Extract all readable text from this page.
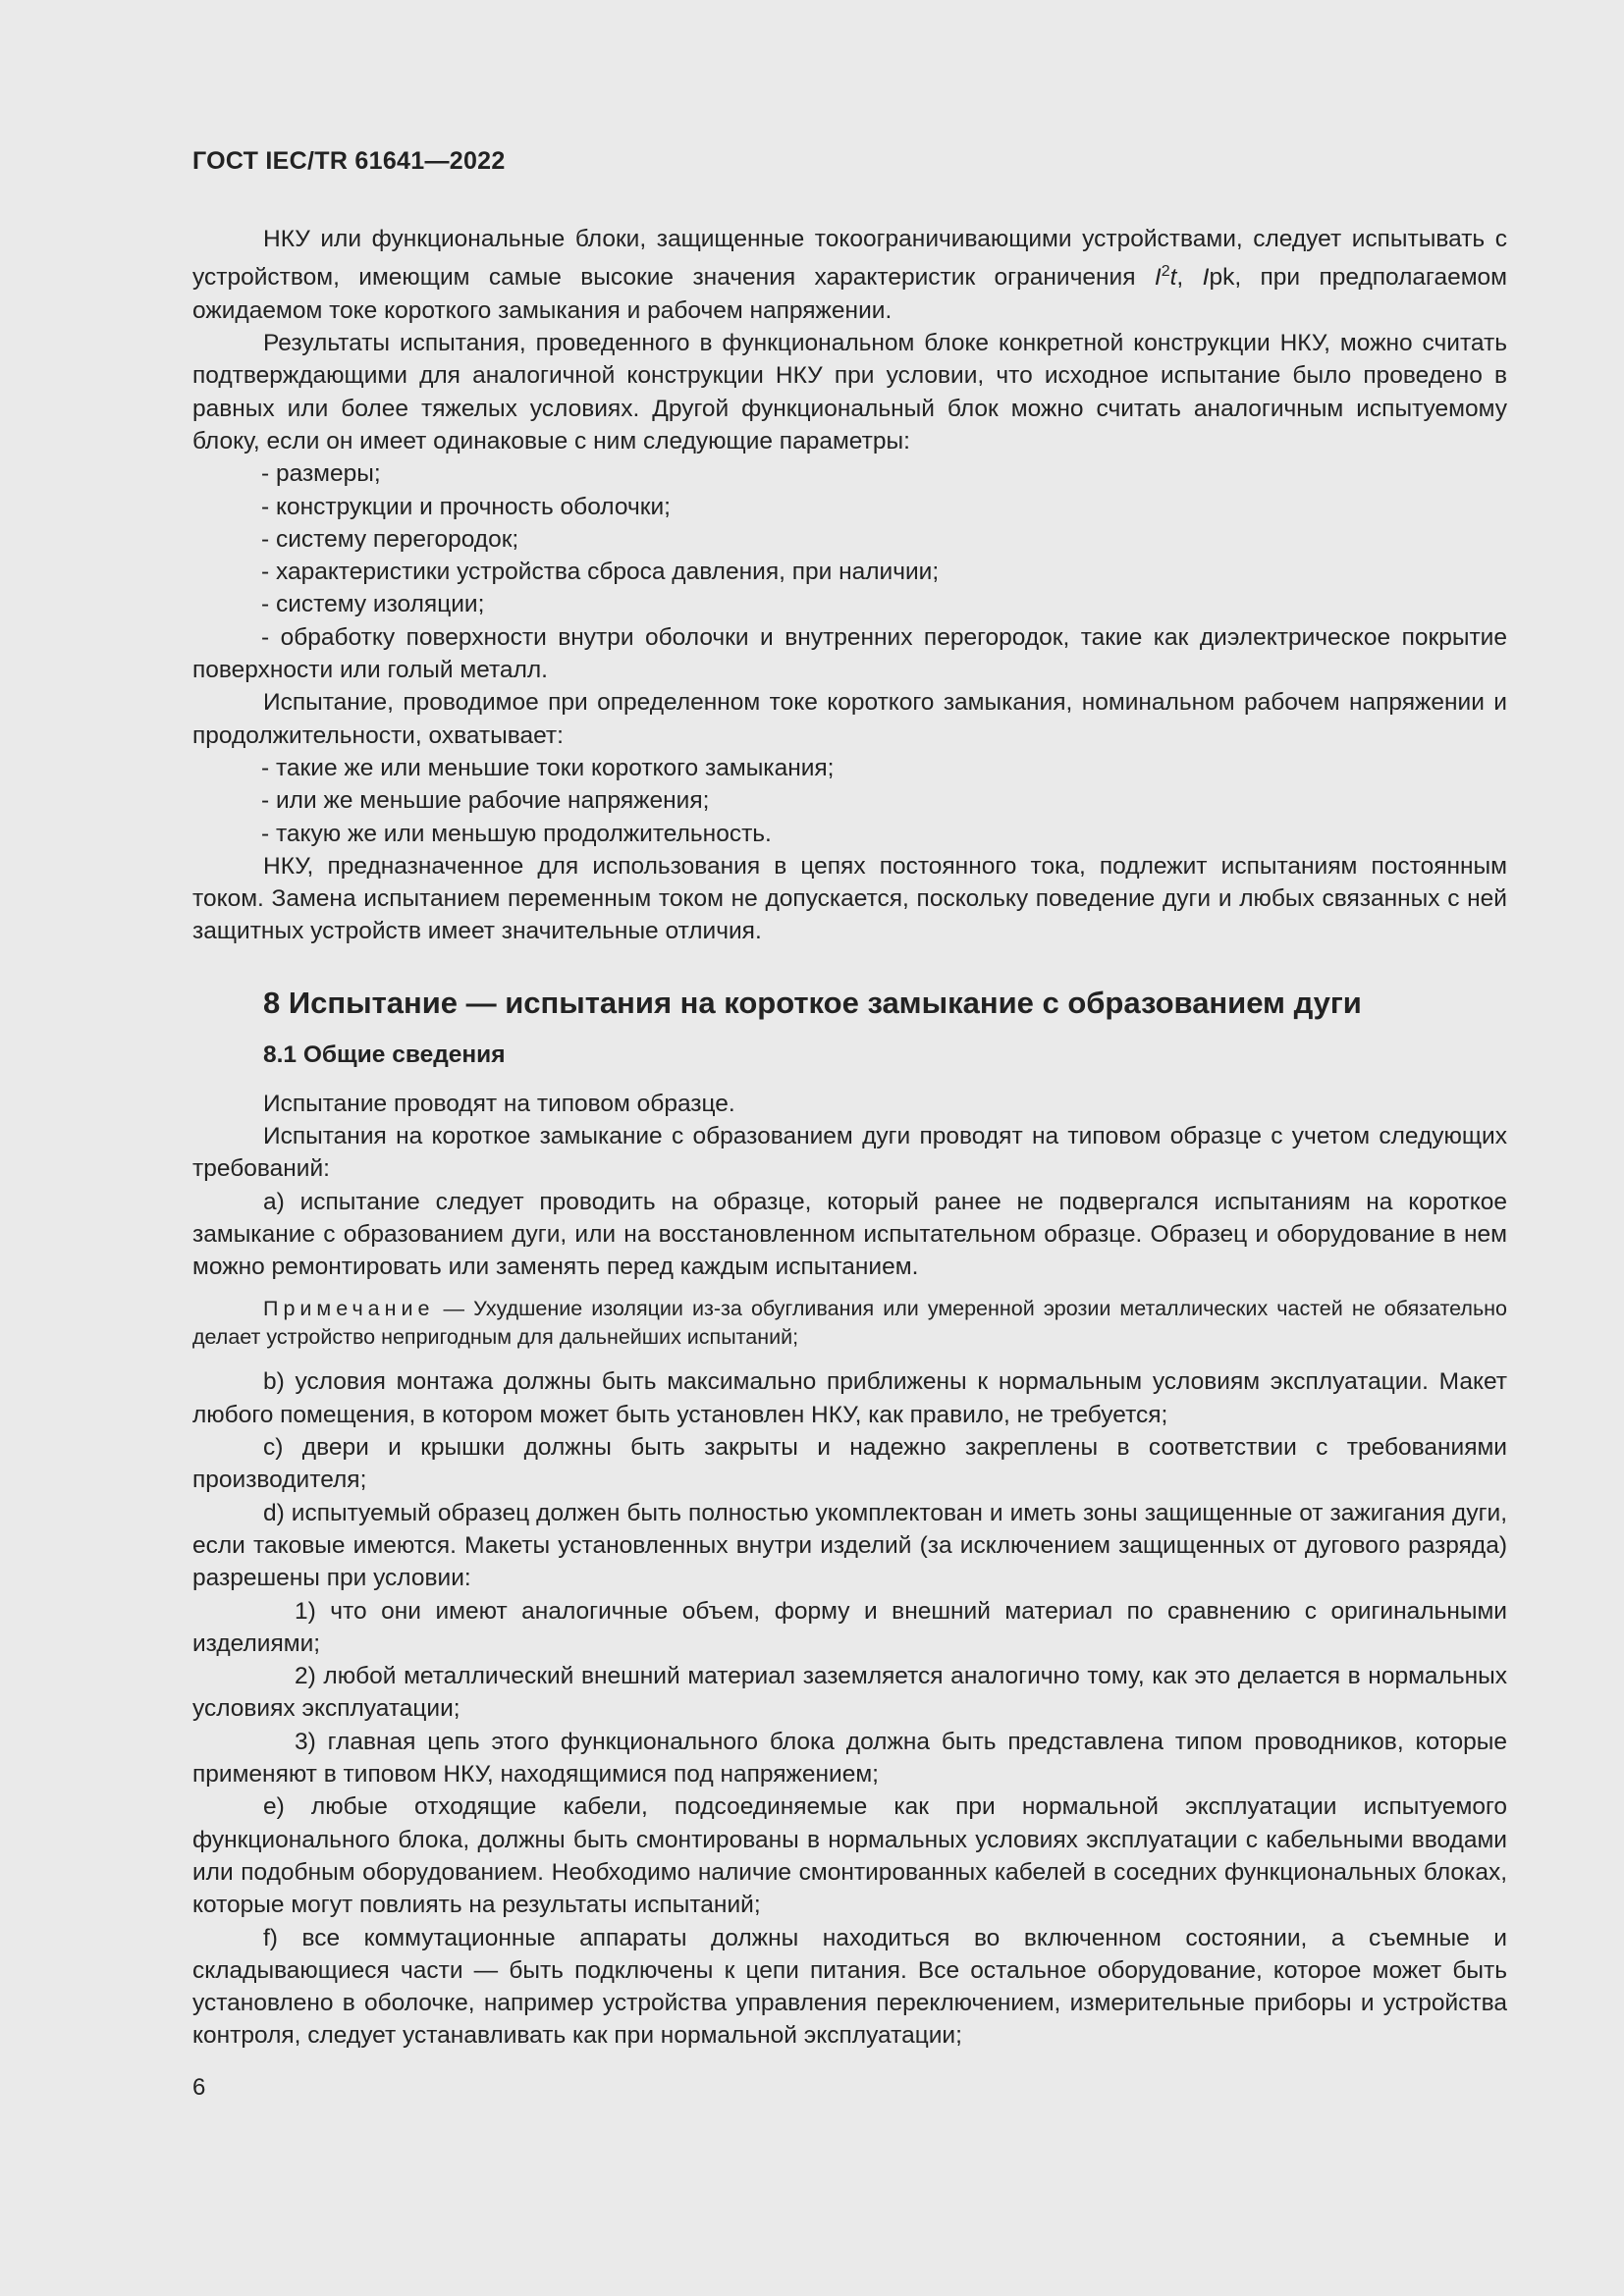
ГОСТ IEC/TR 61641—2022

НКУ или функциональные блоки, защищенные токоограничивающими устройствами, следует испытывать с устройством, имеющим самые высокие значения характеристик ограничения $I^2t$, Ipk, при предполагаемом ожидаемом токе короткого замыкания и рабочем напряжении.

Результаты испытания, проведенного в функциональном блоке конкретной конструкции НКУ, можно считать подтверждающими для аналогичной конструкции НКУ при условии, что исходное испытание было проведено в равных или более тяжелых условиях. Другой функциональный блок можно считать аналогичным испытуемому блоку, если он имеет одинаковые с ним следующие параметры:

- размеры;

- конструкции и прочность оболочки;

- систему перегородок;

- характеристики устройства сброса давления, при наличии;

- систему изоляции;

- обработку поверхности внутри оболочки и внутренних перегородок, такие как диэлектрическое покрытие поверхности или голый металл.

Испытание, проводимое при определенном токе короткого замыкания, номинальном рабочем напряжении и продолжительности, охватывает:

- такие же или меньшие токи короткого замыкания;

- или же меньшие рабочие напряжения;

- такую же или меньшую продолжительность.

НКУ, предназначенное для использования в цепях постоянного тока, подлежит испытаниям постоянным током. Замена испытанием переменным током не допускается, поскольку поведение дуги и любых связанных с ней защитных устройств имеет значительные отличия.

8 Испытание — испытания на короткое замыкание с образованием дуги
8.1 Общие сведения

Испытание проводят на типовом образце.

Испытания на короткое замыкание с образованием дуги проводят на типовом образце с учетом следующих требований:

a) испытание следует проводить на образце, который ранее не подвергался испытаниям на короткое замыкание с образованием дуги, или на восстановленном испытательном образце. Образец и оборудование в нем можно ремонтировать или заменять перед каждым испытанием.

Примечание — Ухудшение изоляции из-за обугливания или умеренной эрозии металлических частей не обязательно делает устройство непригодным для дальнейших испытаний;

b) условия монтажа должны быть максимально приближены к нормальным условиям эксплуатации. Макет любого помещения, в котором может быть установлен НКУ, как правило, не требуется;

c) двери и крышки должны быть закрыты и надежно закреплены в соответствии с требованиями производителя;

d) испытуемый образец должен быть полностью укомплектован и иметь зоны защищенные от зажигания дуги, если таковые имеются. Макеты установленных внутри изделий (за исключением защищенных от дугового разряда) разрешены при условии:

1) что они имеют аналогичные объем, форму и внешний материал по сравнению с оригинальными изделиями;

2) любой металлический внешний материал заземляется аналогично тому, как это делается в нормальных условиях эксплуатации;

3) главная цепь этого функционального блока должна быть представлена типом проводников, которые применяют в типовом НКУ, находящимися под напряжением;

e) любые отходящие кабели, подсоединяемые как при нормальной эксплуатации испытуемого функционального блока, должны быть смонтированы в нормальных условиях эксплуатации с кабельными вводами или подобным оборудованием. Необходимо наличие смонтированных кабелей в соседних функциональных блоках, которые могут повлиять на результаты испытаний;

f) все коммутационные аппараты должны находиться во включенном состоянии, а съемные и складывающиеся части — быть подключены к цепи питания. Все остальное оборудование, которое может быть установлено в оболочке, например устройства управления переключением, измерительные приборы и устройства контроля, следует устанавливать как при нормальной эксплуатации;

6
